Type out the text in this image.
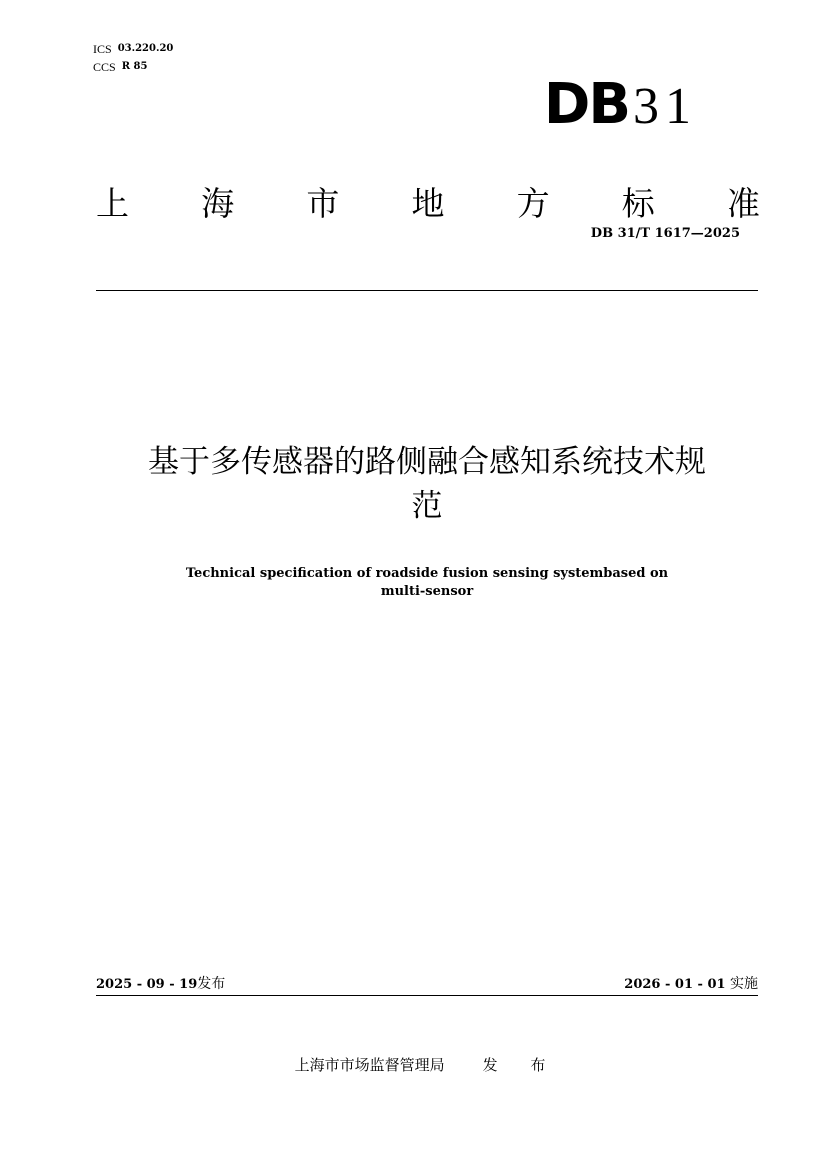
ICS 03.220.20
CCS R 85
DB 31
上 海 市 地 方 标 准
DB 31/T 1617—2025
基于多传感器的路侧融合感知系统技术规
范
Technical specification of roadside fusion sensing systembased on
multi-sensor
2025 - 09 - 19发布	2026 - 01 - 01 实施
上海市市场监督管理局	发 布
